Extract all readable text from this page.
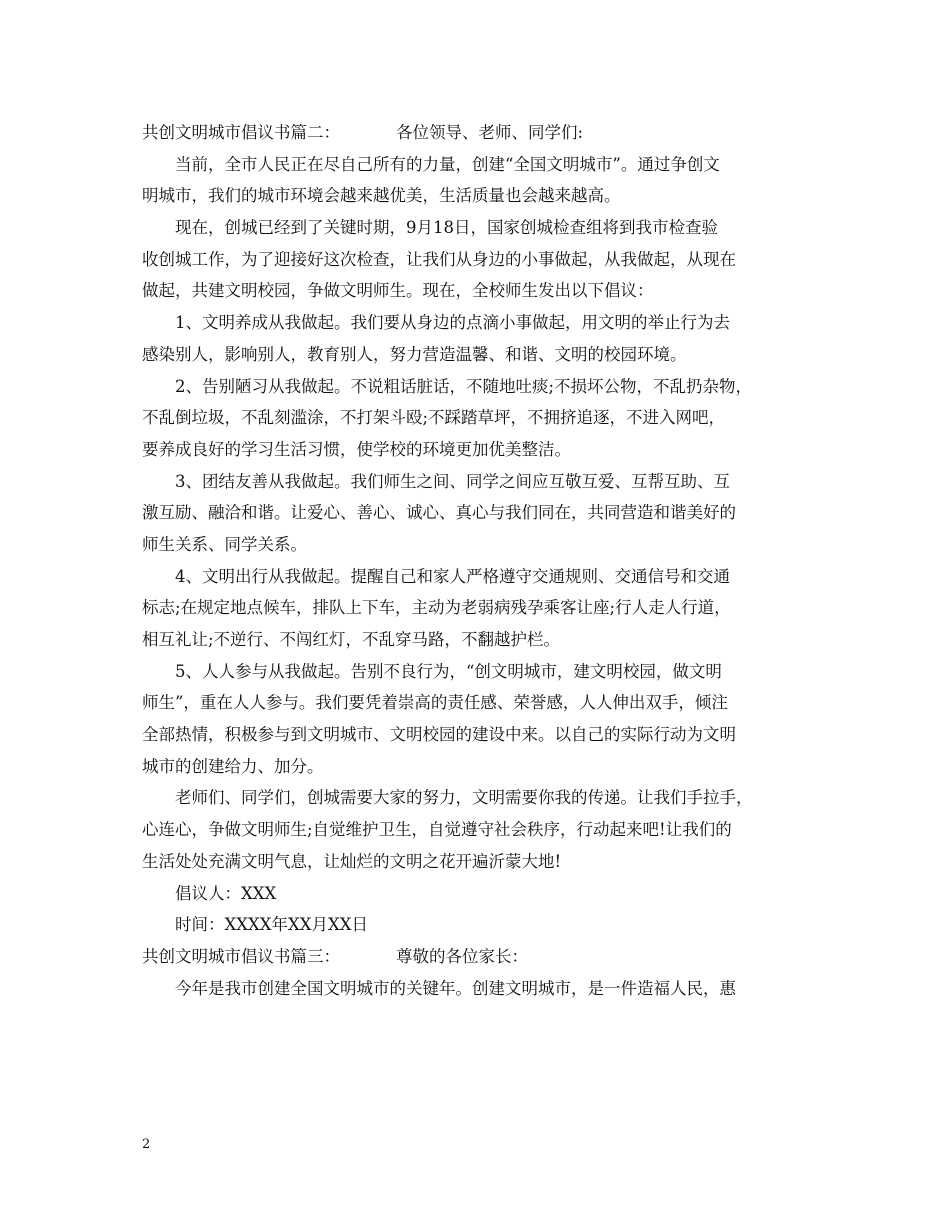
共创文明城市倡议书篇二：	各位领导、老师、同学们:
当前，全市人民正在尽自己所有的力量，创建“全国文明城市”。通过争创文
明城市，我们的城市环境会越来越优美，生活质量也会越来越高。
现在，创城已经到了关键时期，9月18日，国家创城检查组将到我市检查验
收创城工作，为了迎接好这次检查，让我们从身边的小事做起，从我做起，从现在
做起，共建文明校园，争做文明师生。现在，全校师生发出以下倡议：
1、文明养成从我做起。我们要从身边的点滴小事做起，用文明的举止行为去
感染别人，影响别人，教育别人，努力营造温馨、和谐、文明的校园环境。
2、告别陋习从我做起。不说粗话脏话，不随地吐痰;不损坏公物，不乱扔杂物，
不乱倒垃圾，不乱刻滥涂，不打架斗殴;不踩踏草坪，不拥挤追逐，不进入网吧，
要养成良好的学习生活习惯，使学校的环境更加优美整洁。
3、团结友善从我做起。我们师生之间、同学之间应互敬互爱、互帮互助、互
激互励、融洽和谐。让爱心、善心、诚心、真心与我们同在，共同营造和谐美好的
师生关系、同学关系。
4、文明出行从我做起。提醒自己和家人严格遵守交通规则、交通信号和交通
标志;在规定地点候车，排队上下车，主动为老弱病残孕乘客让座;行人走人行道，
相互礼让;不逆行、不闯红灯，不乱穿马路，不翻越护栏。
5、人人参与从我做起。告别不良行为，“创文明城市，建文明校园，做文明
师生”，重在人人参与。我们要凭着崇高的责任感、荣誉感，人人伸出双手，倾注
全部热情，积极参与到文明城市、文明校园的建设中来。以自己的实际行动为文明
城市的创建给力、加分。
老师们、同学们，创城需要大家的努力，文明需要你我的传递。让我们手拉手，
心连心，争做文明师生;自觉维护卫生，自觉遵守社会秩序，行动起来吧!让我们的
生活处处充满文明气息，让灿烂的文明之花开遍沂蒙大地!
倡议人：XXX
时间：XXXX年XX月XX日
共创文明城市倡议书篇三：	尊敬的各位家长：
今年是我市创建全国文明城市的关键年。创建文明城市，是一件造福人民，惠
2
